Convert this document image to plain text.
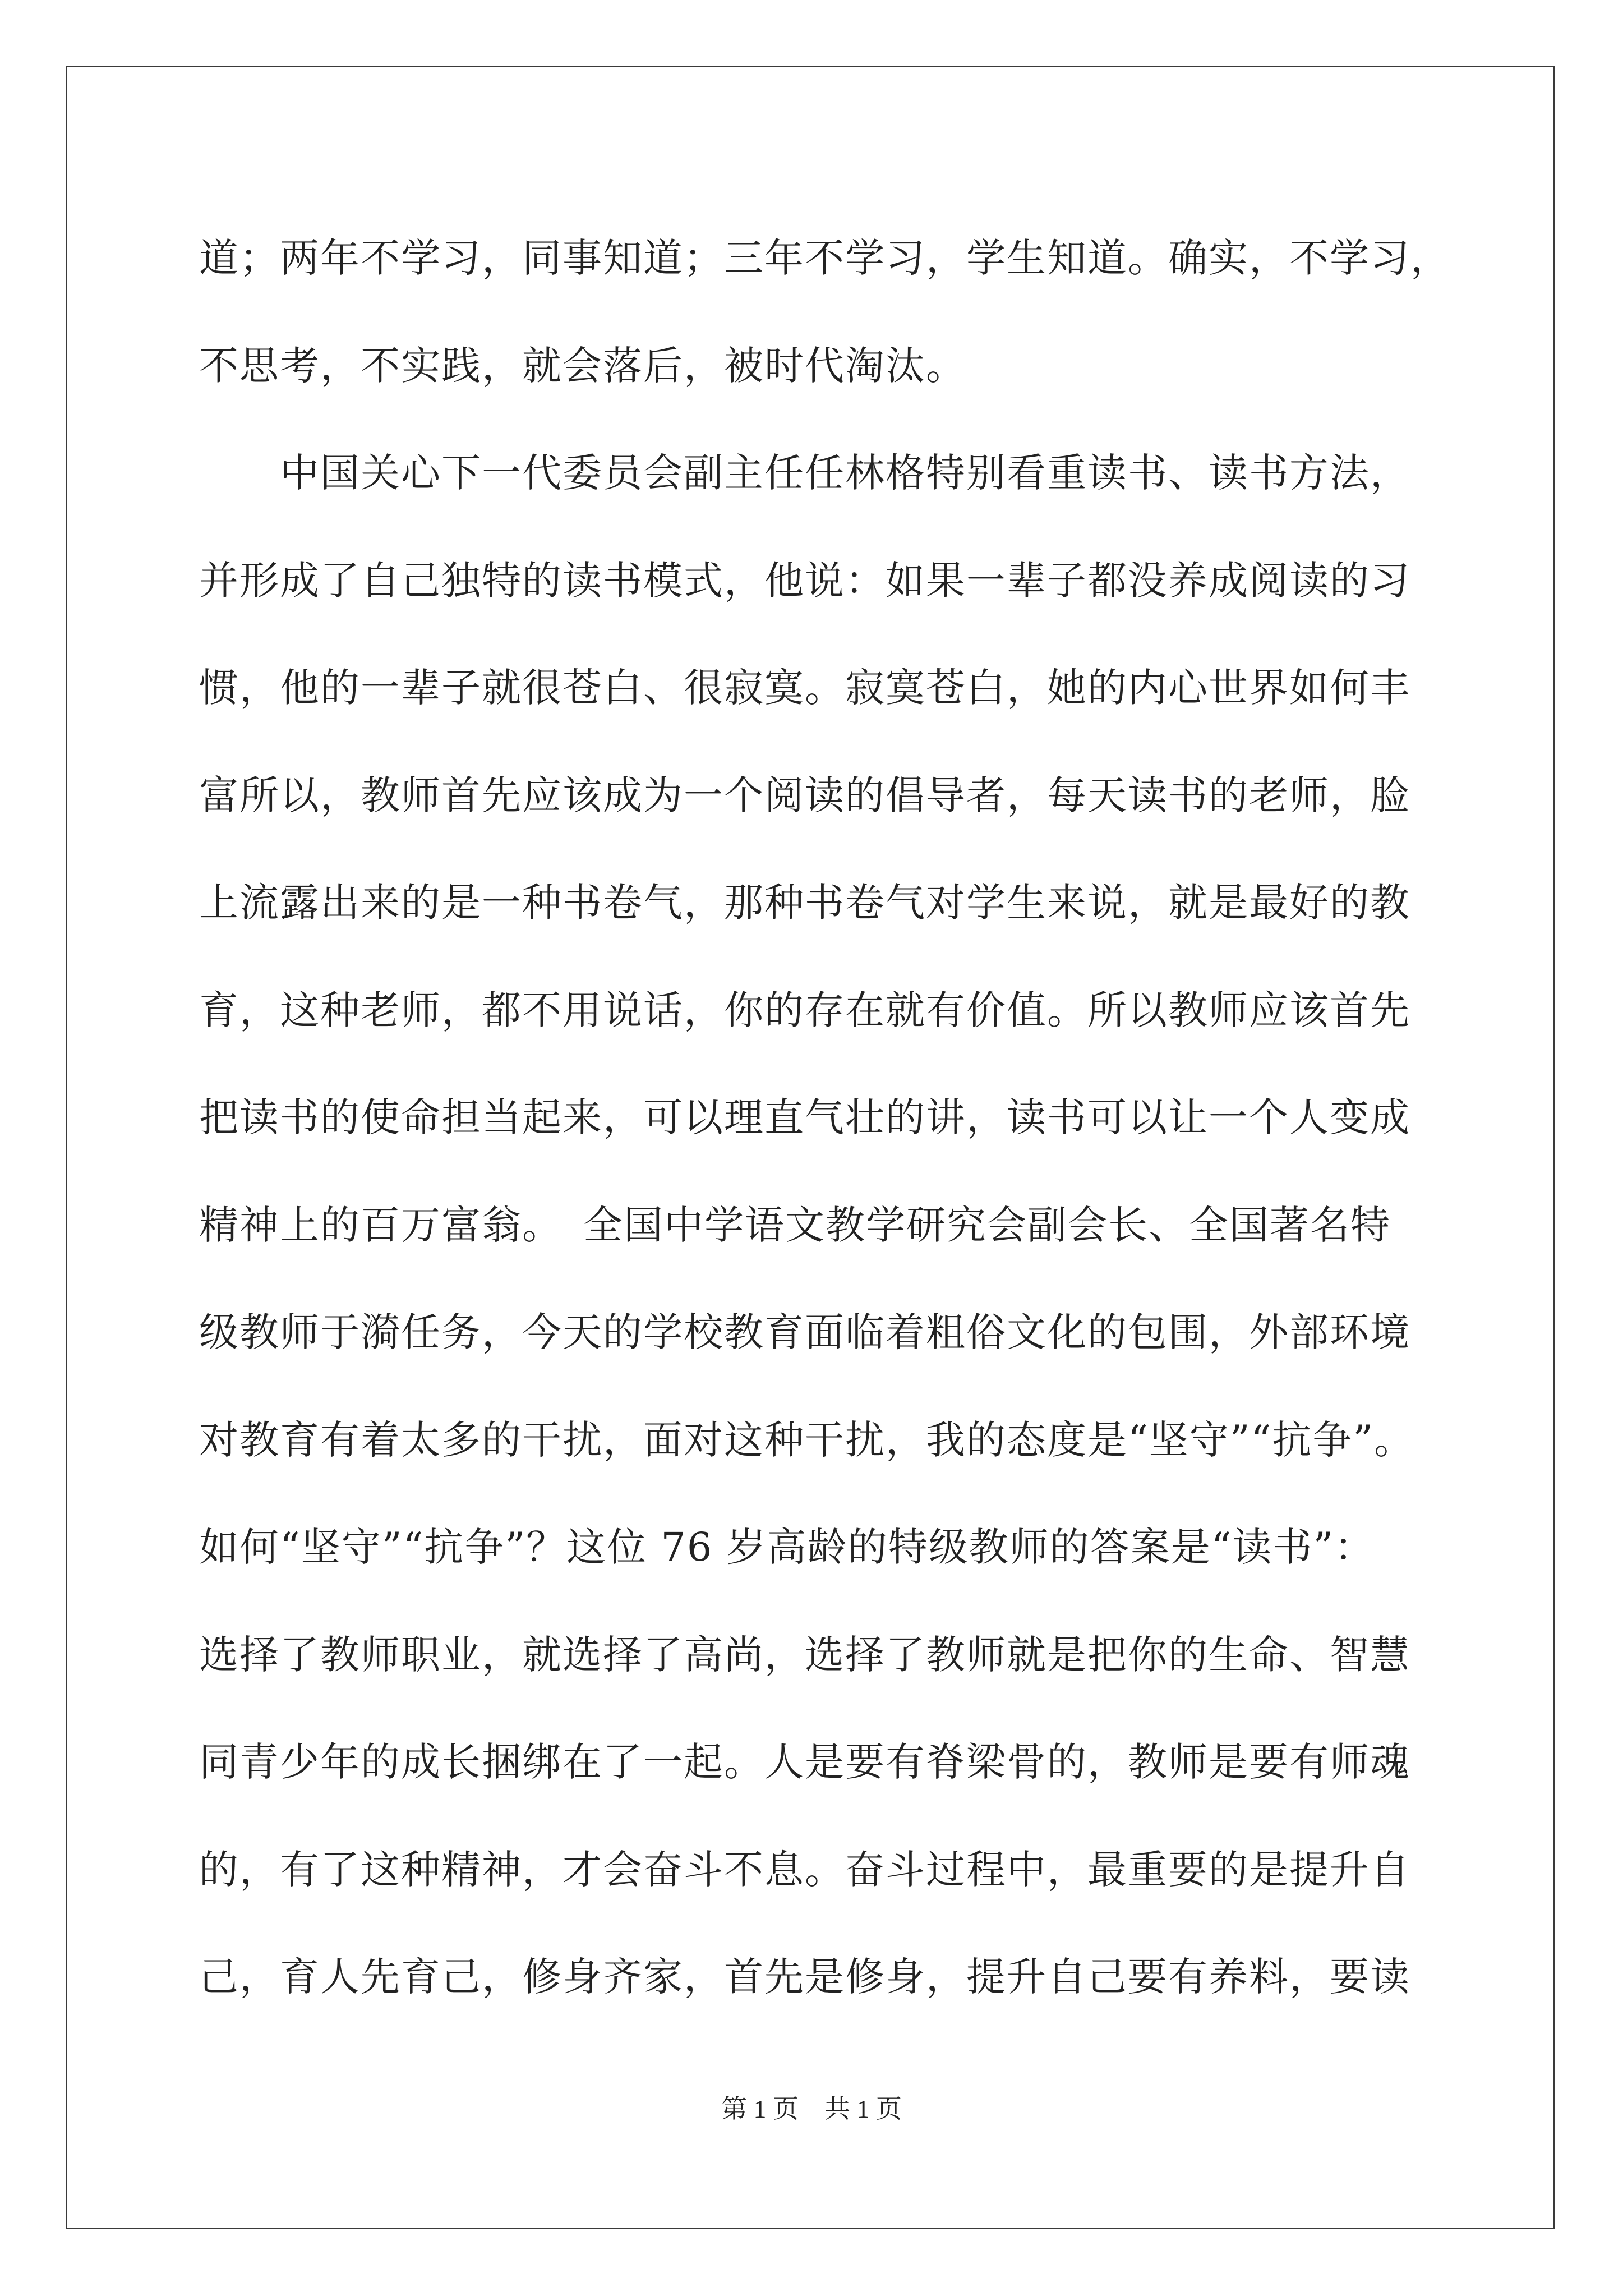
道；两年不学习，同事知道；三年不学习，学生知道。确实，不学习，
不思考，不实践，就会落后，被时代淘汰。
　　中国关心下一代委员会副主任任林格特别看重读书、读书方法，
并形成了自己独特的读书模式，他说：如果一辈子都没养成阅读的习
惯，他的一辈子就很苍白、很寂寞。寂寞苍白，她的内心世界如何丰
富所以，教师首先应该成为一个阅读的倡导者，每天读书的老师，脸
上流露出来的是一种书卷气，那种书卷气对学生来说，就是最好的教
育，这种老师，都不用说话，你的存在就有价值。所以教师应该首先
把读书的使命担当起来，可以理直气壮的讲，读书可以让一个人变成
精神上的百万富翁。　全国中学语文教学研究会副会长、全国著名特
级教师于漪任务，今天的学校教育面临着粗俗文化的包围，外部环境
对教育有着太多的干扰，面对这种干扰，我的态度是“坚守”“抗争”。
如何“坚守”“抗争”？这位 76 岁高龄的特级教师的答案是“读书”：
选择了教师职业，就选择了高尚，选择了教师就是把你的生命、智慧
同青少年的成长捆绑在了一起。人是要有脊梁骨的，教师是要有师魂
的，有了这种精神，才会奋斗不息。奋斗过程中，最重要的是提升自
己，育人先育己，修身齐家，首先是修身，提升自己要有养料，要读
第 1 页　共 1 页
